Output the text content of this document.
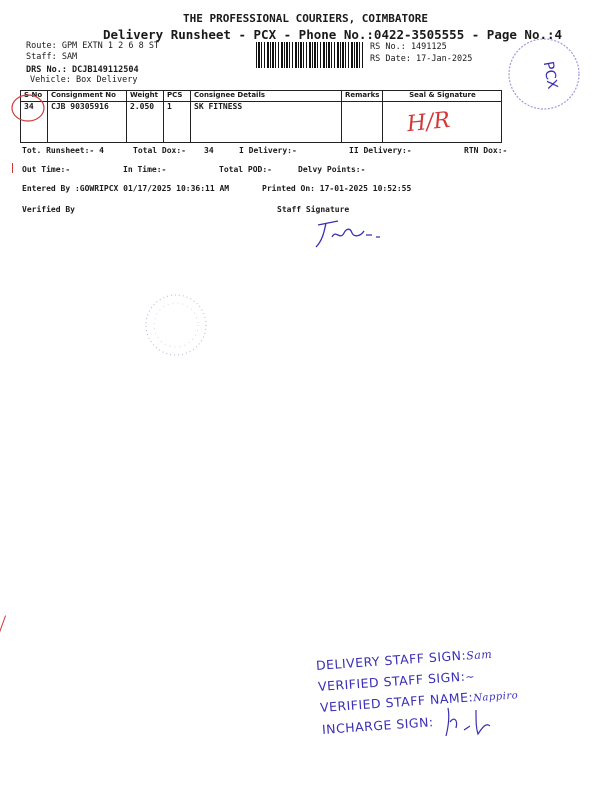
THE PROFESSIONAL COURIERS, COIMBATORE
Delivery Runsheet - PCX - Phone No.:0422-3505555 - Page No.:4
Route: GPM EXTN 1 2 6 8 ST
Staff: SAM
DRS No.: DCJB149112504
Vehicle: Box Delivery
RS No.: 1491125
RS Date: 17-Jan-2025
PCX
S No	Consignment No	Weight	PCS	Consignee Details	Remarks	Seal & Signature
34	CJB 90305916	2.050	1	SK FITNESS		H/R
Tot. Runsheet:- 4	Total Dox:- 34	I Delivery:-	II Delivery:-	RTN Dox:-
Out Time:-	In Time:-	Total POD:-	Delvy Points:-
Entered By :GOWRIPCX 01/17/2025 10:36:11 AM	Printed On: 17-01-2025 10:52:55
Verified By	Staff Signature
DELIVERY STAFF SIGN:Sam
VERIFIED STAFF SIGN:~
VERIFIED STAFF NAME:Nappiro
INCHARGE SIGN:
